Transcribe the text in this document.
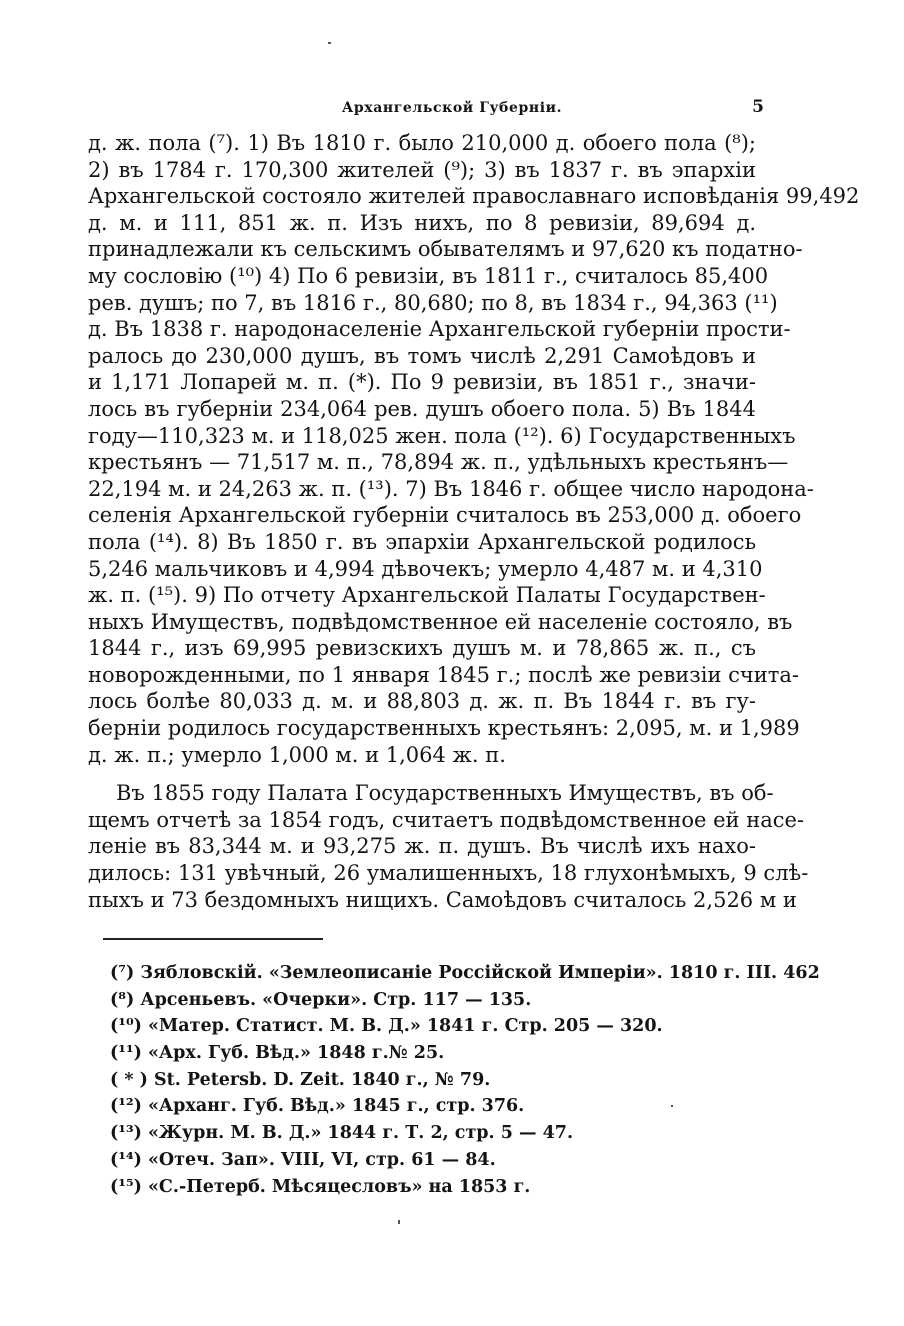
Архангельской Губернiи.	5
д. ж. пола (⁷). 1) Въ 1810 г. было 210,000 д. обоего пола (⁸);
2) въ 1784 г. 170,300 жителей (⁹); 3) въ 1837 г. въ эпархiи
Архангельской состояло жителей православнаго исповѣданiя 99,492
д. м. и 111, 851 ж. п. Изъ нихъ, по 8 ревизiи, 89,694 д.
принадлежали къ сельскимъ обывателямъ и 97,620 къ податно-
му сословiю (¹⁰) 4) По 6 ревизiи, въ 1811 г., считалось 85,400
рев. душъ; по 7, въ 1816 г., 80,680; по 8, въ 1834 г., 94,363 (¹¹)
д. Въ 1838 г. народонаселенiе Архангельской губернiи прости-
ралось до 230,000 душъ, въ томъ числѣ 2,291 Самоѣдовъ и
и 1,171 Лопарей м. п. (*). По 9 ревизiи, въ 1851 г., значи-
лось въ губернiи 234,064 рев. душъ обоего пола. 5) Въ 1844
году—110,323 м. и 118,025 жен. пола (¹²). 6) Государственныхъ
крестьянъ — 71,517 м. п., 78,894 ж. п., удѣльныхъ крестьянъ—
22,194 м. и 24,263 ж. п. (¹³). 7) Въ 1846 г. общее число народона-
селенiя Архангельской губернiи считалось въ 253,000 д. обоего
пола (¹⁴). 8) Въ 1850 г. въ эпархiи Архангельской родилось
5,246 мальчиковъ и 4,994 дѣвочекъ; умерло 4,487 м. и 4,310
ж. п. (¹⁵). 9) По отчету Архангельской Палаты Государствен-
ныхъ Имуществъ, подвѣдомственное ей населенiе состояло, въ
1844 г., изъ 69,995 ревизскихъ душъ м. и 78,865 ж. п., съ
новорожденными, по 1 января 1845 г.; послѣ же ревизiи счита-
лось болѣе 80,033 д. м. и 88,803 д. ж. п. Въ 1844 г. въ гу-
бернiи родилось государственныхъ крестьянъ: 2,095, м. и 1,989
д. ж. п.; умерло 1,000 м. и 1,064 ж. п.
Въ 1855 году Палата Государственныхъ Имуществъ, въ об-
щемъ отчетѣ за 1854 годъ, считаетъ подвѣдомственное ей насе-
ленiе въ 83,344 м. и 93,275 ж. п. душъ. Въ числѣ ихъ нахо-
дилось: 131 увѣчный, 26 умалишенныхъ, 18 глухонѣмыхъ, 9 слѣ-
пыхъ и 73 бездомныхъ нищихъ. Самоѣдовъ считалось 2,526 м и
(⁷) Зябловскiй. «Землеописанiе Россiйской Имперiи». 1810 г. III. 462
(⁸) Арсеньевъ. «Очерки». Стр. 117 — 135.
(¹⁰) «Матер. Статист. М. В. Д.» 1841 г. Стр. 205 — 320.
(¹¹) «Арх. Губ. Вѣд.» 1848 г.№ 25.
( * ) St. Petersb. D. Zeit. 1840 г., № 79.
(¹²) «Арханг. Губ. Вѣд.» 1845 г., стр. 376.
(¹³) «Журн. М. В. Д.» 1844 г. Т. 2, стр. 5 — 47.
(¹⁴) «Отеч. Зап». VIII, VI, стр. 61 — 84.
(¹⁵) «С.-Петерб. Мѣсяцесловъ» на 1853 г.
